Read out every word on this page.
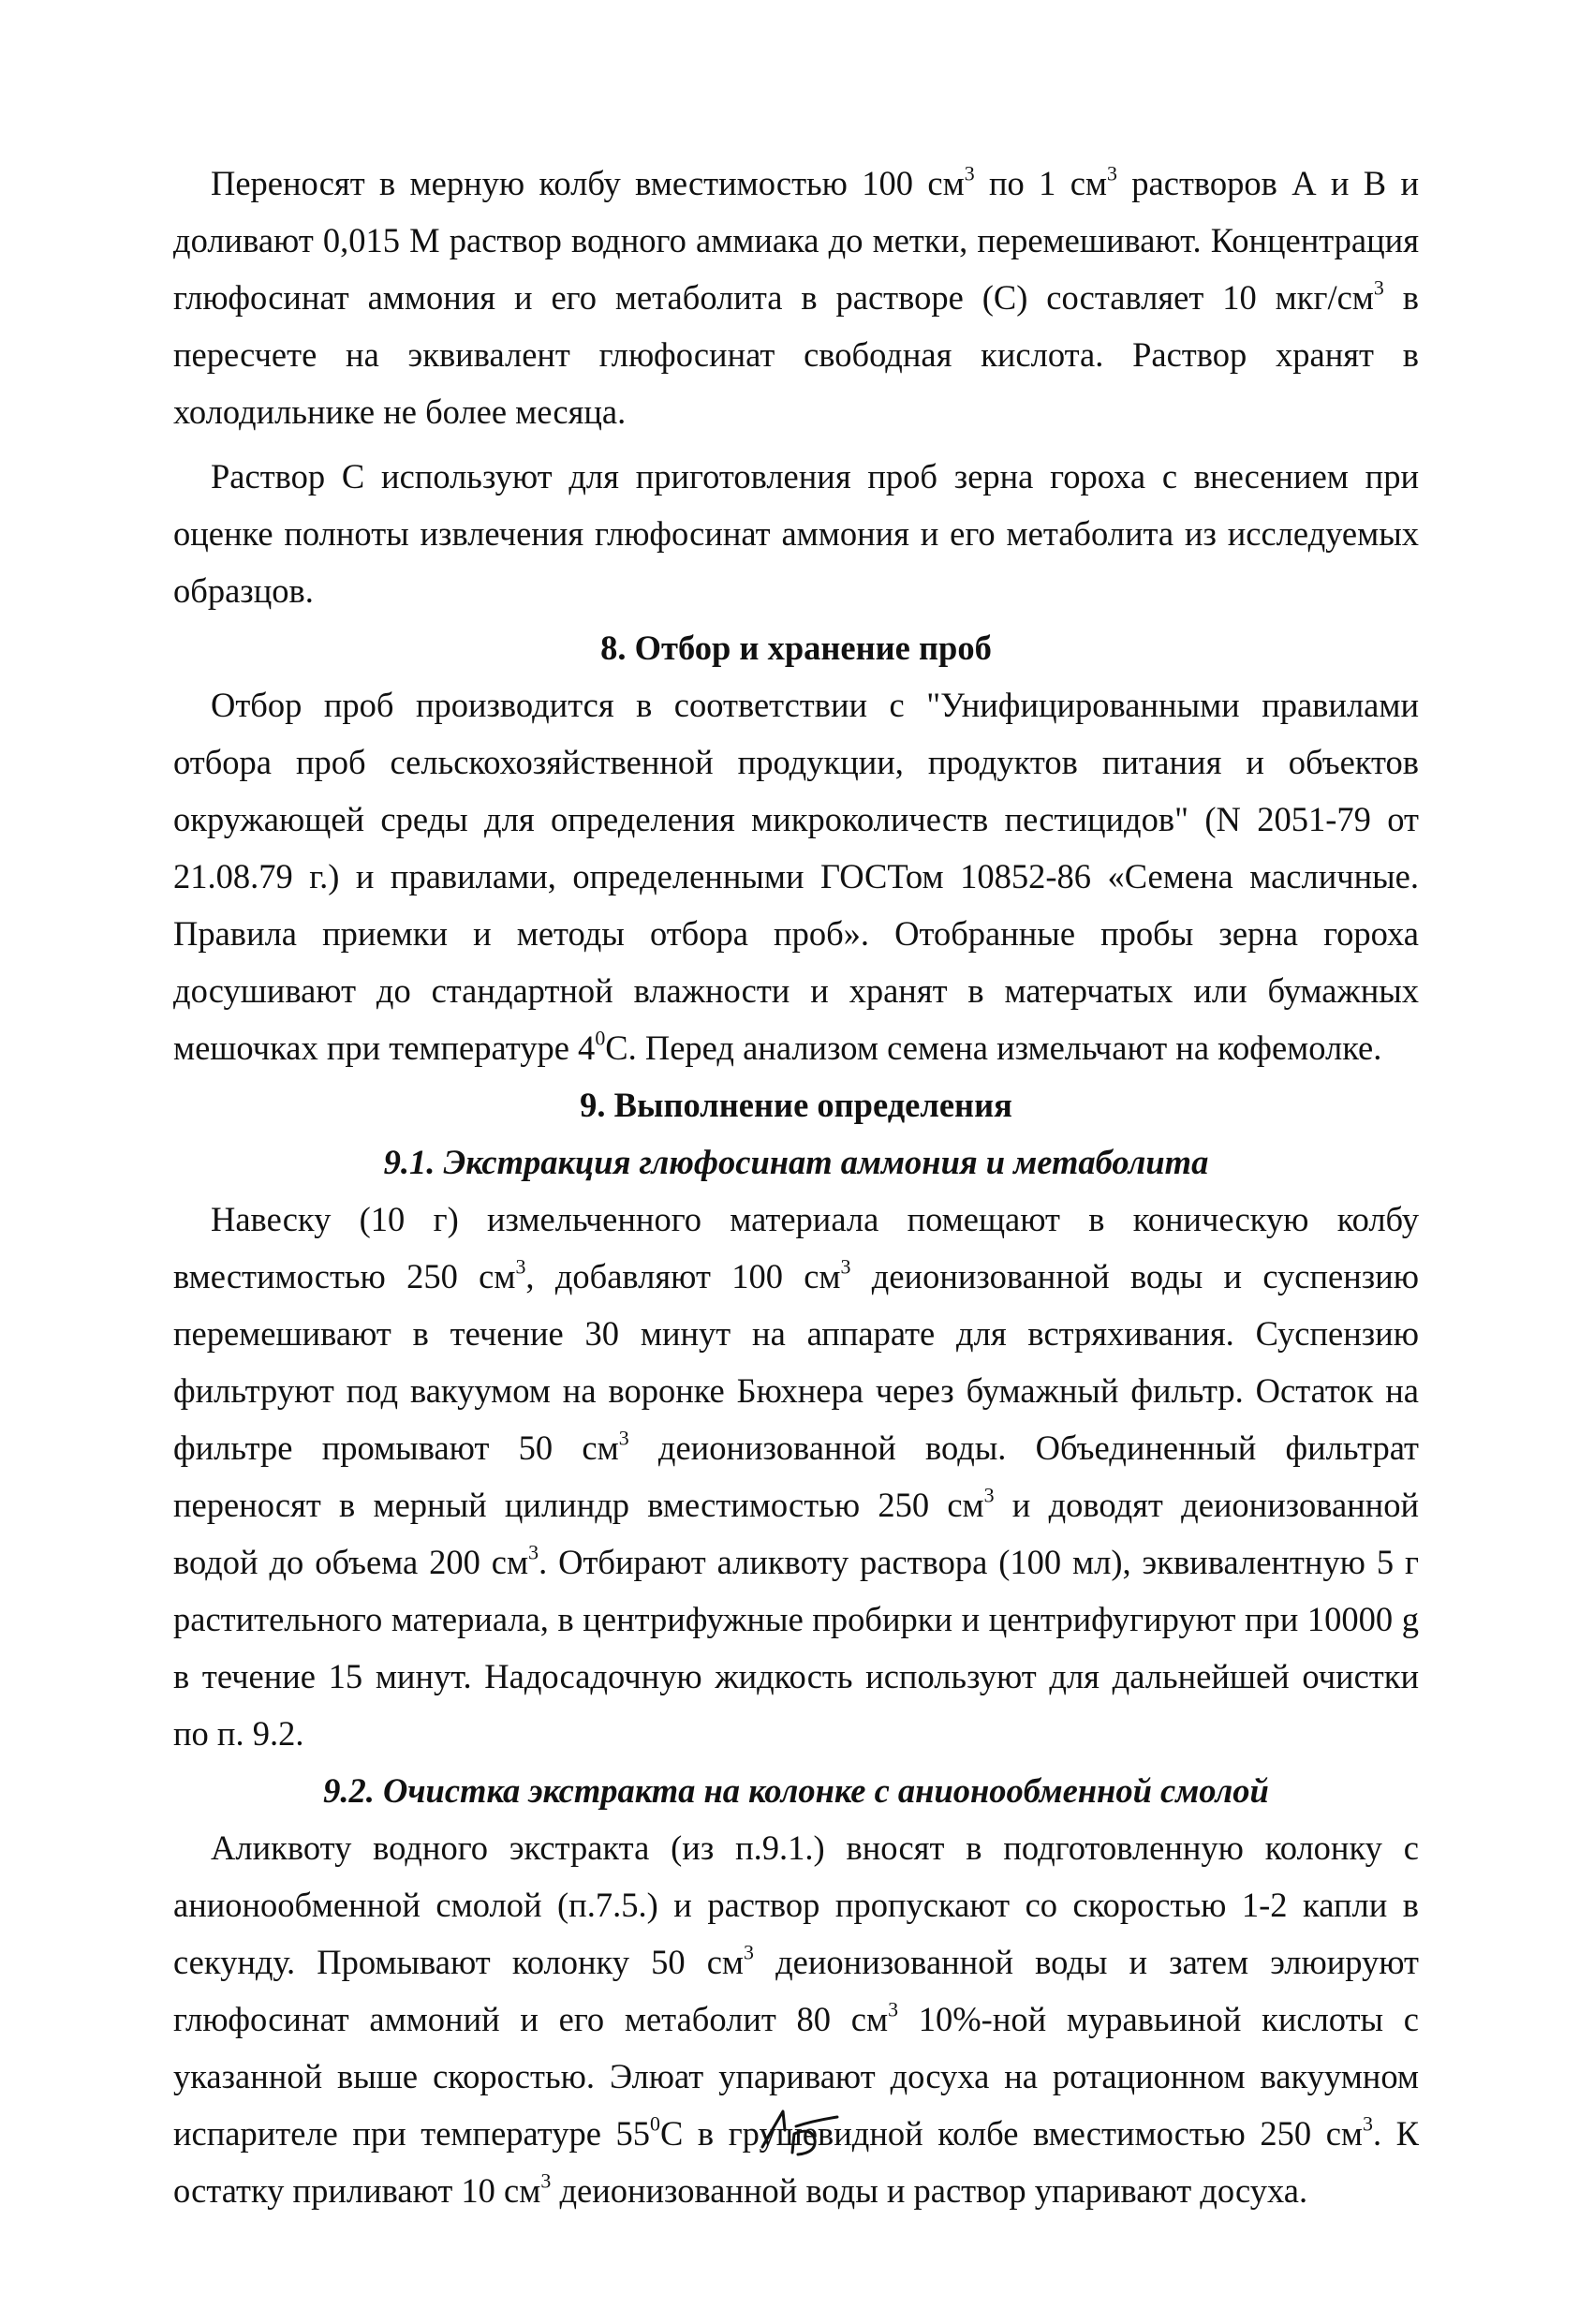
Переносят в мерную колбу вместимостью 100 $см^3$ по 1 $см^3$ растворов А и В и доливают 0,015 М раствор водного аммиака до метки, перемешивают. Концентрация глюфосинат аммония и его метаболита в растворе (С) составляет 10 мкг/$см^3$ в пересчете на эквивалент глюфосинат свободная кислота. Раствор хранят в холодильнике не более месяца.

Раствор С используют для приготовления проб зерна гороха с внесением при оценке полноты извлечения глюфосинат аммония и его метаболита из исследуемых образцов.

8. Отбор и хранение проб

Отбор проб производится в соответствии с "Унифицированными правилами отбора проб сельскохозяйственной продукции, продуктов питания и объектов окружающей среды для определения микроколичеств пестицидов" (N 2051-79 от 21.08.79 г.) и правилами, определенными ГОСТом 10852-86 «Семена масличные. Правила приемки и методы отбора проб». Отобранные пробы зерна гороха досушивают до стандартной влажности и хранят в матерчатых или бумажных мешочках при температуре $4^0С$. Перед анализом семена измельчают на кофемолке.

9. Выполнение определения
9.1. Экстракция глюфосинат аммония и метаболита

Навеску (10 г) измельченного материала помещают в коническую колбу вместимостью 250 $см^3$, добавляют 100 $см^3$ деионизованной воды и суспензию перемешивают в течение 30 минут на аппарате для встряхивания. Суспензию фильтруют под вакуумом на воронке Бюхнера через бумажный фильтр. Остаток на фильтре промывают 50 $см^3$ деионизованной воды. Объединенный фильтрат переносят в мерный цилиндр вместимостью 250 $см^3$ и доводят деионизованной водой до объема 200 $см^3$. Отбирают аликвоту раствора (100 мл), эквивалентную 5 г растительного материала, в центрифужные пробирки и центрифугируют при 10000 g в течение 15 минут. Надосадочную жидкость используют для дальнейшей очистки по п. 9.2.

9.2. Очистка экстракта на колонке с анионообменной смолой

Аликвоту водного экстракта (из п.9.1.) вносят в подготовленную колонку с анионообменной смолой (п.7.5.) и раствор пропускают со скоростью 1-2 капли в секунду. Промывают колонку 50 $см^3$ деионизованной воды и затем элюируют глюфосинат аммоний и его метаболит 80 $см^3$ 10%-ной муравьиной кислоты с указанной выше скоростью. Элюат упаривают досуха на ротационном вакуумном испарителе при температуре $55^0С$ в грушевидной колбе вместимостью 250 $см^3$. К остатку приливают 10 $см^3$ деионизованной воды и раствор упаривают досуха.
